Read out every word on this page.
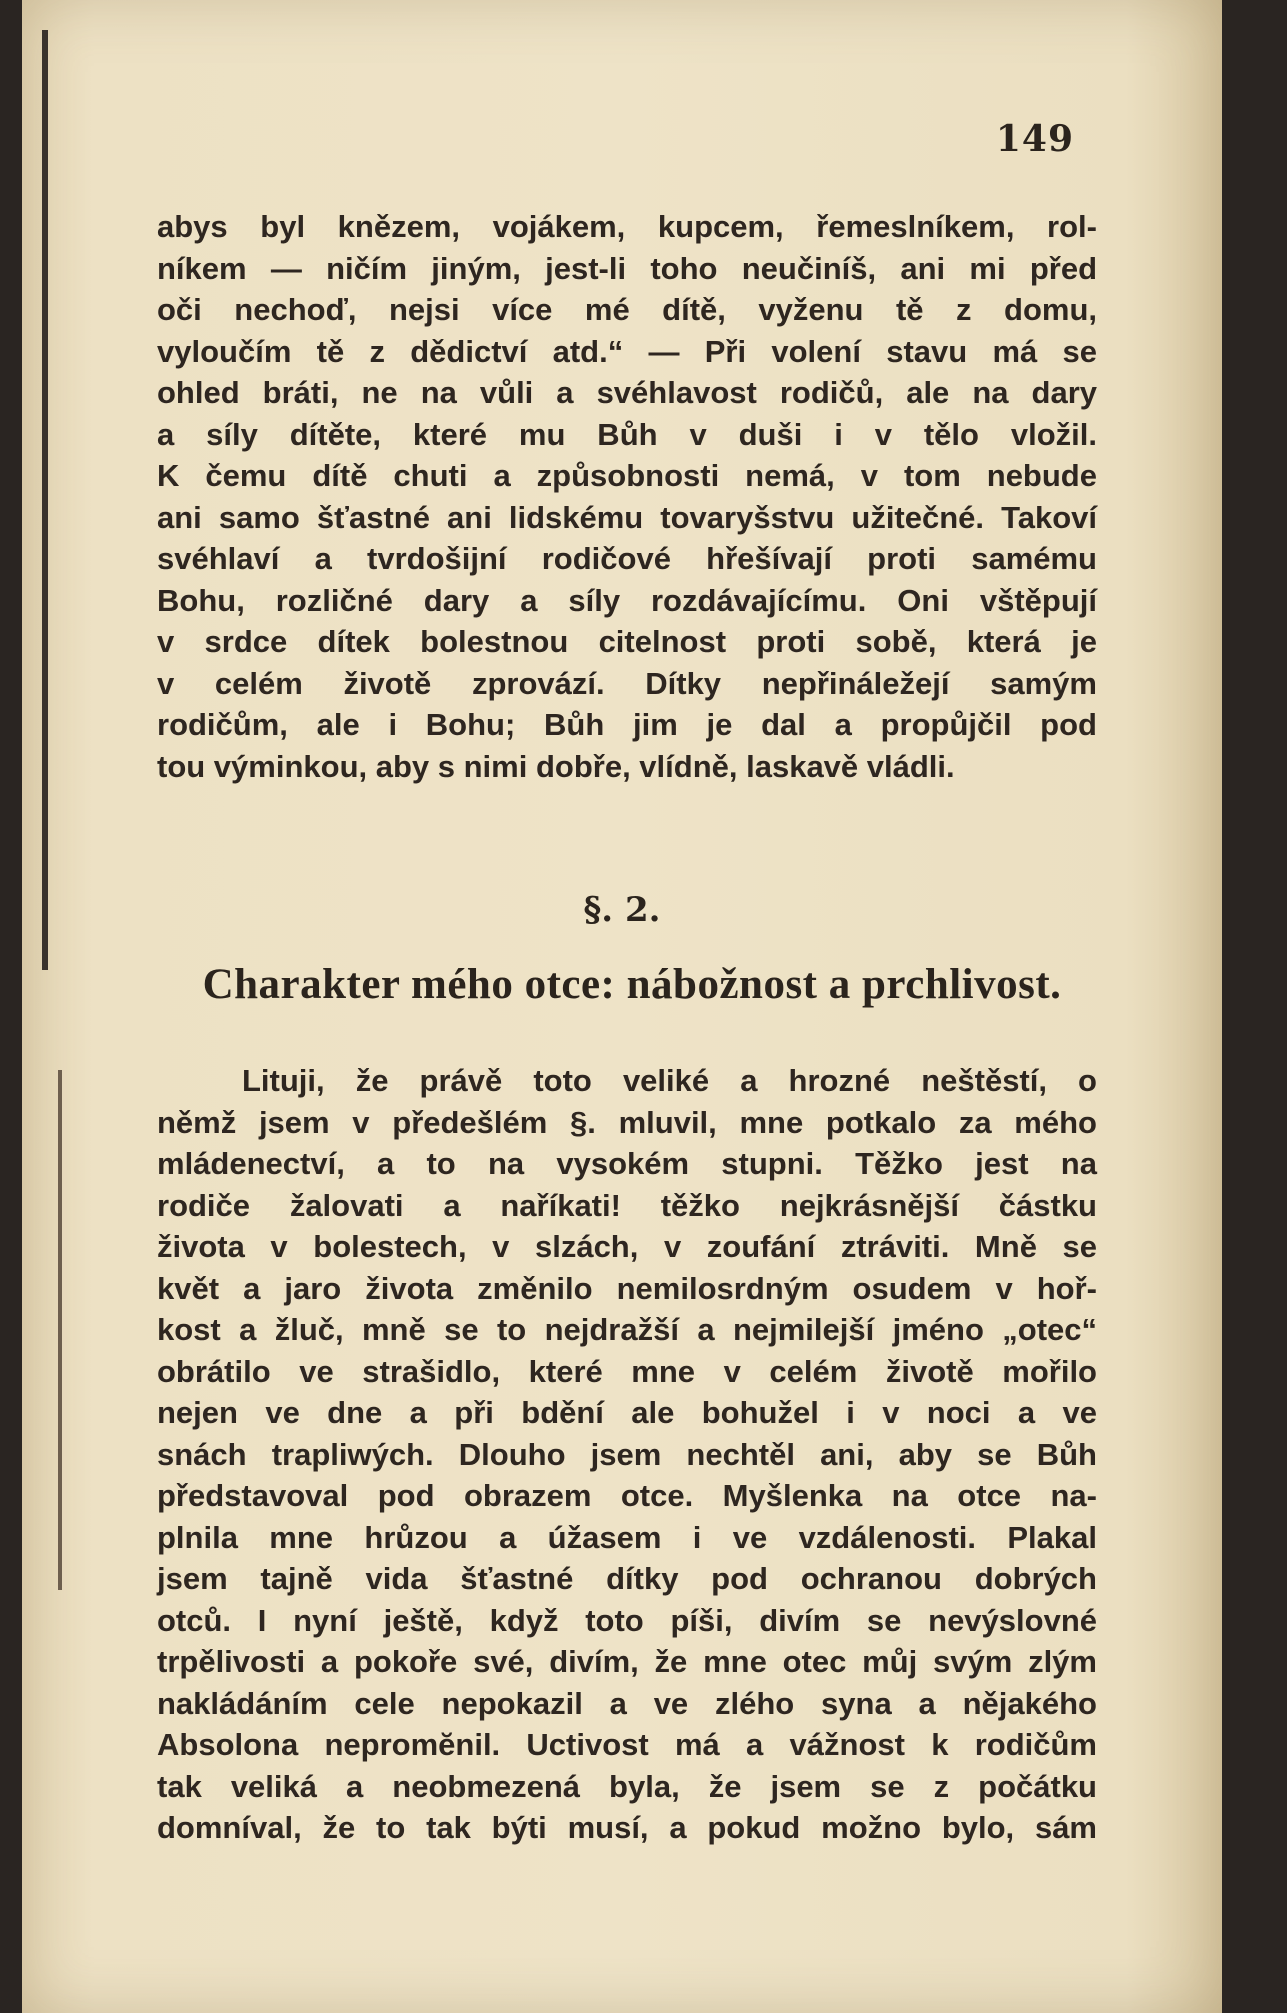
149
abys byl knězem, vojákem, kupcem, řemeslníkem, rol-
níkem — ničím jiným, jest-li toho neučiníš, ani mi před
oči nechoď, nejsi více mé dítě, vyženu tě z domu,
vyloučím tě z dědictví atd.“ — Při volení stavu má se
ohled bráti, ne na vůli a svéhlavost rodičů, ale na dary
a síly dítěte, které mu Bůh v duši i v tělo vložil.
K čemu dítě chuti a způsobnosti nemá, v tom nebude
ani samo šťastné ani lidskému tovaryšstvu užitečné. Takoví
svéhlaví a tvrdošijní rodičové hřešívají proti samému
Bohu, rozličné dary a síly rozdávajícímu. Oni vštěpují
v srdce dítek bolestnou citelnost proti sobě, která je
v celém životě zprovází. Dítky nepřináležejí samým
rodičům, ale i Bohu; Bůh jim je dal a propůjčil pod
tou výminkou, aby s nimi dobře, vlídně, laskavě vládli.
§. 2.
Charakter mého otce: nábožnost a prchlivost.
Lituji, že právě toto veliké a hrozné neštěstí, o
němž jsem v předešlém §. mluvil, mne potkalo za mého
mládenectví, a to na vysokém stupni. Těžko jest na
rodiče žalovati a naříkati! těžko nejkrásnější částku
života v bolestech, v slzách, v zoufání ztráviti. Mně se
květ a jaro života změnilo nemilosrdným osudem v hoř-
kost a žluč, mně se to nejdražší a nejmilejší jméno „otec“
obrátilo ve strašidlo, které mne v celém životě mořilo
nejen ve dne a při bdění ale bohužel i v noci a ve
snách trapliwých. Dlouho jsem nechtěl ani, aby se Bůh
představoval pod obrazem otce. Myšlenka na otce na-
plnila mne hrůzou a úžasem i ve vzdálenosti. Plakal
jsem tajně vida šťastné dítky pod ochranou dobrých
otců. I nyní ještě, když toto píši, divím se nevýslovné
trpělivosti a pokoře své, divím, že mne otec můj svým zlým
nakládáním cele nepokazil a ve zlého syna a nějakého
Absolona nepromĕnil. Uctivost má a vážnost k rodičům
tak veliká a neobmezená byla, že jsem se z počátku
domníval, že to tak býti musí, a pokud možno bylo, sám
